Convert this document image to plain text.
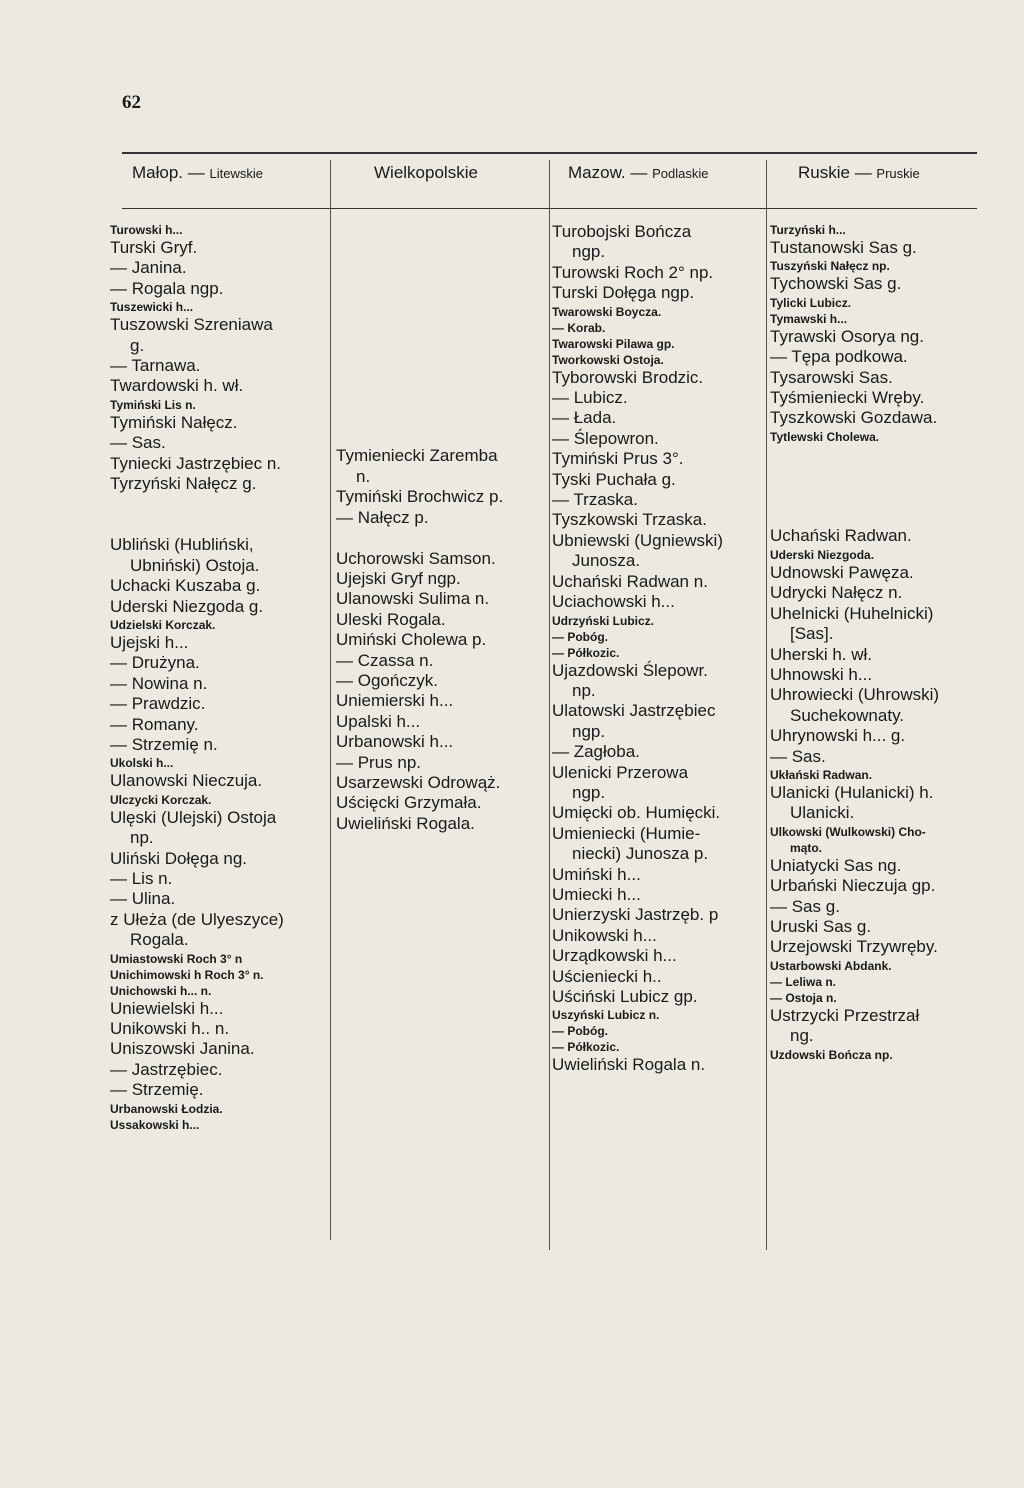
62
Małop. — Litewskie	Wielkopolskie	Mazow. — Podlaskie	Ruskie — Pruskie
Turowski h...
Turski Gryf.
— Janina.
— Rogala ngp.
Tuszewicki h...
Tuszowski Szreniawa
g.
— Tarnawa.
Twardowski h. wł.
Tymiński Lis n.
Tymiński Nałęcz.
— Sas.
Tyniecki Jastrzębiec n.
Tyrzyński Nałęcz g.

Ubliński (Hubliński,
Ubniński) Ostoja.
Uchacki Kuszaba g.
Uderski Niezgoda g.
Udzielski Korczak.
Ujejski h...
— Drużyna.
— Nowina n.
— Prawdzic.
— Romany.
— Strzemię n.
Ukolski h...
Ulanowski Nieczuja.
Ulczycki Korczak.
Ulęski (Ulejski) Ostoja
np.
Uliński Dołęga ng.
— Lis n.
— Ulina.
z Ułeża (de Ulyeszyce)
Rogala.
Umiastowski Roch 3° n
Unichimowski h Roch 3° n.
Unichowski h... n.
Uniewielski h...
Unikowski h.. n.
Uniszowski Janina.
— Jastrzębiec.
— Strzemię.
Urbanowski Łodzia.
Ussakowski h...

Tymieniecki Zaremba
n.
Tymiński Brochwicz p.
— Nałęcz p.

Uchorowski Samson.
Ujejski Gryf ngp.
Ulanowski Sulima n.
Uleski Rogala.
Umiński Cholewa p.
— Czassa n.
— Ogończyk.
Uniemierski h...
Upalski h...
Urbanowski h...
— Prus np.
Usarzewski Odrowąż.
Uścięcki Grzymała.
Uwieliński Rogala.
Turobojski Bończa
ngp.
Turowski Roch 2° np.
Turski Dołęga ngp.
Twarowski Boycza.
— Korab.
Twarowski Pilawa gp.
Tworkowski Ostoja.
Tyborowski Brodzic.
— Lubicz.
— Łada.
— Ślepowron.
Tymiński Prus 3°.
Tyski Puchała g.
— Trzaska.
Tyszkowski Trzaska.
Ubniewski (Ugniewski)
Junosza.
Uchański Radwan n.
Uciachowski h...
Udrzyński Lubicz.
— Pobóg.
— Półkozic.
Ujazdowski Ślepowr.
np.
Ulatowski Jastrzębiec
ngp.
— Zagłoba.
Ulenicki Przerowa
ngp.
Umięcki ob. Humięcki.
Umieniecki (Humie-
niecki) Junosza p.
Umiński h...
Umiecki h...
Unierzyski Jastrzęb. p
Unikowski h...
Urządkowski h...
Uścieniecki h..
Uściński Lubicz gp.
Uszyński Lubicz n.
— Pobóg.
— Półkozic.
Uwieliński Rogala n.
Turzyński h...
Tustanowski Sas g.
Tuszyński Nałęcz np.
Tychowski Sas g.
Tylicki Lubicz.
Tymawski h...
Tyrawski Osorya ng.
— Tępa podkowa.
Tysarowski Sas.
Tyśmieniecki Wręby.
Tyszkowski Gozdawa.
Tytlewski Cholewa.

Uchański Radwan.
Uderski Niezgoda.
Udnowski Pawęza.
Udrycki Nałęcz n.
Uhelnicki (Huhelnicki)
[Sas].
Uherski h. wł.
Uhnowski h...
Uhrowiecki (Uhrowski)
Suchekownaty.
Uhrynowski h... g.
— Sas.
Ukłański Radwan.
Ulanicki (Hulanicki) h.
Ulanicki.
Ulkowski (Wulkowski) Cho-
mąto.
Uniatycki Sas ng.
Urbański Nieczuja gp.
— Sas g.
Uruski Sas g.
Urzejowski Trzywręby.
Ustarbowski Abdank.
— Leliwa n.
— Ostoja n.
Ustrzycki Przestrzał
ng.
Uzdowski Bończa np.
